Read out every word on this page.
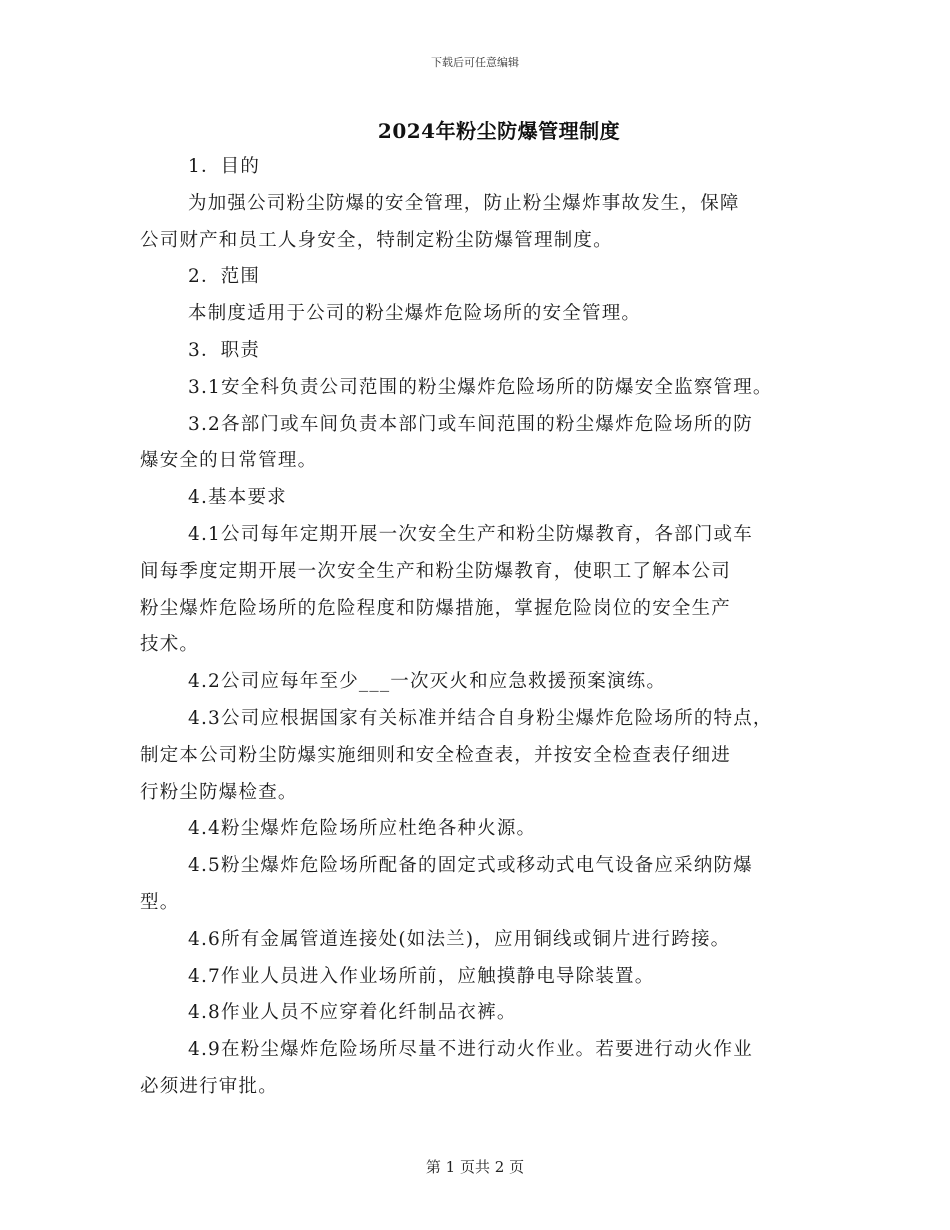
下载后可任意编辑
2024年粉尘防爆管理制度
1．目的
为加强公司粉尘防爆的安全管理，防止粉尘爆炸事故发生，保障
公司财产和员工人身安全，特制定粉尘防爆管理制度。
2．范围
本制度适用于公司的粉尘爆炸危险场所的安全管理。
3．职责
3.1安全科负责公司范围的粉尘爆炸危险场所的防爆安全监察管理。
3.2各部门或车间负责本部门或车间范围的粉尘爆炸危险场所的防
爆安全的日常管理。
4.基本要求
4.1公司每年定期开展一次安全生产和粉尘防爆教育，各部门或车
间每季度定期开展一次安全生产和粉尘防爆教育，使职工了解本公司
粉尘爆炸危险场所的危险程度和防爆措施，掌握危险岗位的安全生产
技术。
4.2公司应每年至少___一次灭火和应急救援预案演练。
4.3公司应根据国家有关标准并结合自身粉尘爆炸危险场所的特点，
制定本公司粉尘防爆实施细则和安全检查表，并按安全检查表仔细进
行粉尘防爆检查。
4.4粉尘爆炸危险场所应杜绝各种火源。
4.5粉尘爆炸危险场所配备的固定式或移动式电气设备应采纳防爆
型。
4.6所有金属管道连接处(如法兰)，应用铜线或铜片进行跨接。
4.7作业人员进入作业场所前，应触摸静电导除装置。
4.8作业人员不应穿着化纤制品衣裤。
4.9在粉尘爆炸危险场所尽量不进行动火作业。若要进行动火作业
必须进行审批。
第 1 页共 2 页
